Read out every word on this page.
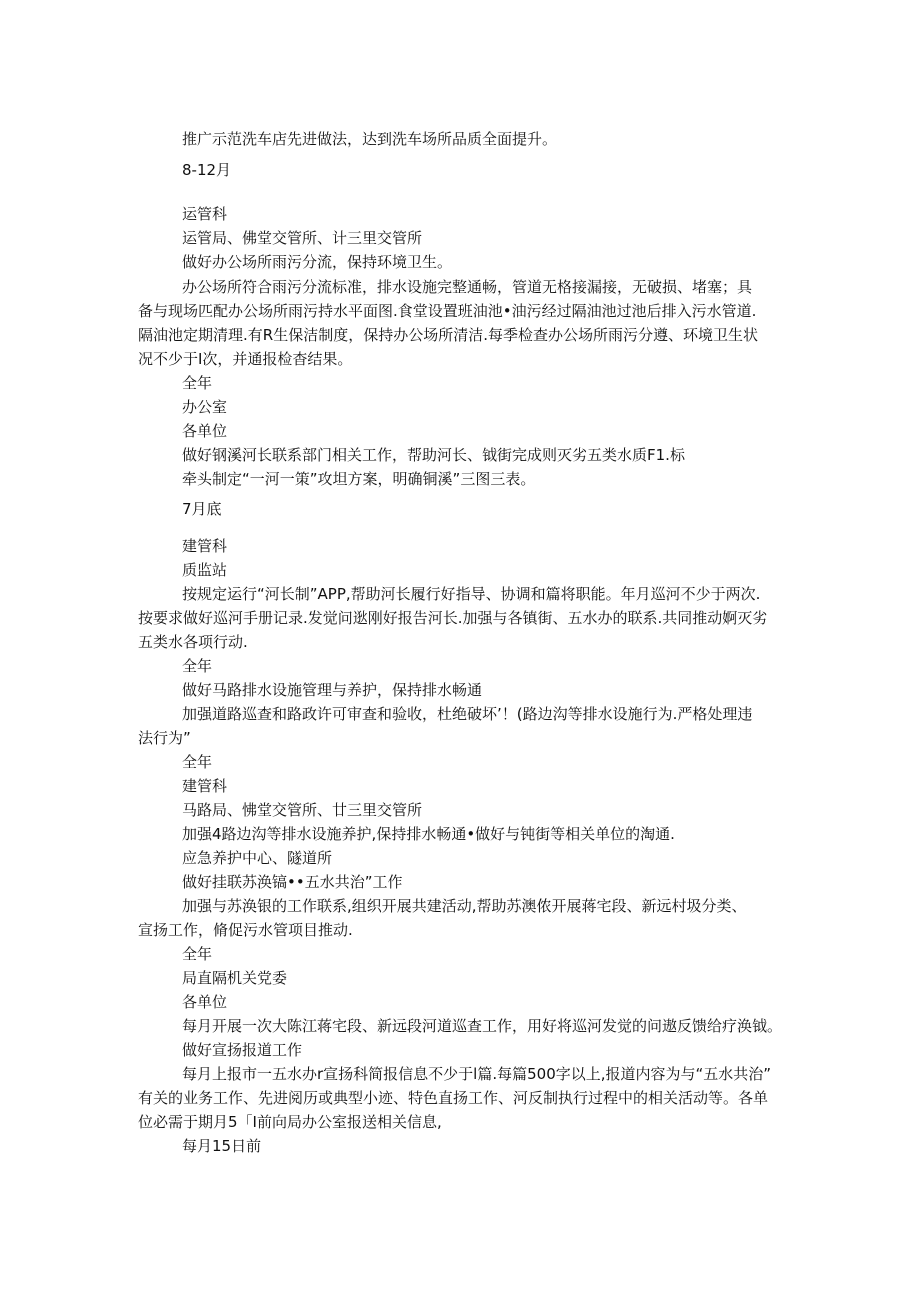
推广示范洗车店先进做法，达到洗车场所品质全面提升。
8-12月
运管科
运管局、佛堂交管所、计三里交管所
做好办公场所雨污分流，保持环境卫生。
办公场所符合雨污分流标准，排水设施完整通畅，管道无格接漏接，无破损、堵塞；具
备与现场匹配办公场所雨污持水平面图.食堂设置班油池•油污经过隔油池过池后排入污水管道.
隔油池定期清理.有R生保洁制度，保持办公场所清洁.每季检查办公场所雨污分遵、环境卫生状
况不少于I次，并通报检杳结果。
全年
办公室
各单位
做好钢溪河长联系部门相关工作，帮助河长、钺街完成则灭劣五类水质F1.标
牵头制定“一河一策”攻坦方案，明确铜溪”三图三表。
7月底
建管科
质监站
按规定运行“河长制”APP,帮助河长履行好指导、协调和篇将职能。年月巡河不少于两次.
按要求做好巡河手册记录.发觉问逖刚好报告河长.加强与各镇街、五水办的联系.共同推动婀灭劣
五类水各项行动.
全年
做好马路排水设施管理与养护，保持排水畅通
加强道路巡查和路政许可审查和验收，杜绝破坏’！(路边沟等排水设施行为.严格处理违
法行为”
全年
建管科
马路局、怫堂交管所、廿三里交管所
加强4路边沟等排水设施养护,保持排水畅通•做好与钝街等相关单位的淘通.
应急养护中心、隧道所
做好挂联苏涣镐••五水共治”工作
加强与苏涣银的工作联系,组织开展共建活动,帮助苏澳侬开展蒋宅段、新远村圾分类、
宣扬工作，脩促污水管项目推动.
全年
局直隔机关党委
各单位
每月开展一次大陈江蒋宅段、新远段河道巡查工作，用好将巡河发觉的问遨反馈给疗涣钺。
做好宣扬报道工作
每月上报市一五水办r宣扬科简报信息不少于l篇.每篇500字以上,报道内容为与“五水共治”
有关的业务工作、先进阅历或典型小迹、特色直扬工作、河反制执行过程中的相关活动等。各单
位必需于期月5「I前向局办公室报送相关信息,
每月15日前
